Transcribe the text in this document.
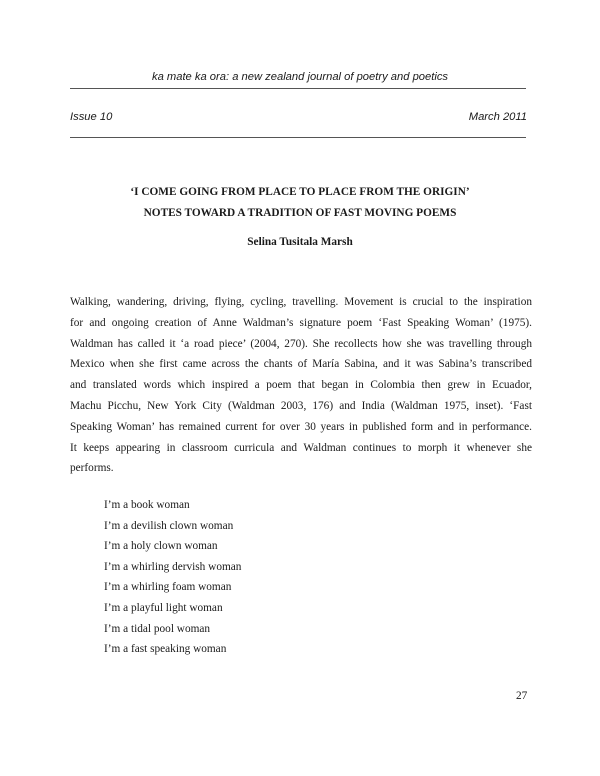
ka mate ka ora: a new zealand journal of poetry and poetics

Issue 10	March 2011

‘I COME GOING FROM PLACE TO PLACE FROM THE ORIGIN’

NOTES TOWARD A TRADITION OF FAST MOVING POEMS

Selina Tusitala Marsh

Walking, wandering, driving, flying, cycling, travelling. Movement is crucial to the inspiration
for and ongoing creation of Anne Waldman’s signature poem ‘Fast Speaking Woman’ (1975).
Waldman has called it ‘a road piece’ (2004, 270). She recollects how she was travelling through
Mexico when she first came across the chants of María Sabina, and it was Sabina’s transcribed
and translated words which inspired a poem that began in Colombia then grew in Ecuador,
Machu Picchu, New York City (Waldman 2003, 176) and India (Waldman 1975, inset). ‘Fast
Speaking Woman’ has remained current for over 30 years in published form and in performance.
It keeps appearing in classroom curricula and Waldman continues to morph it whenever she
performs.
I’m a book woman
I’m a devilish clown woman
I’m a holy clown woman
I’m a whirling dervish woman
I’m a whirling foam woman
I’m a playful light woman
I’m a tidal pool woman
I’m a fast speaking woman
27
